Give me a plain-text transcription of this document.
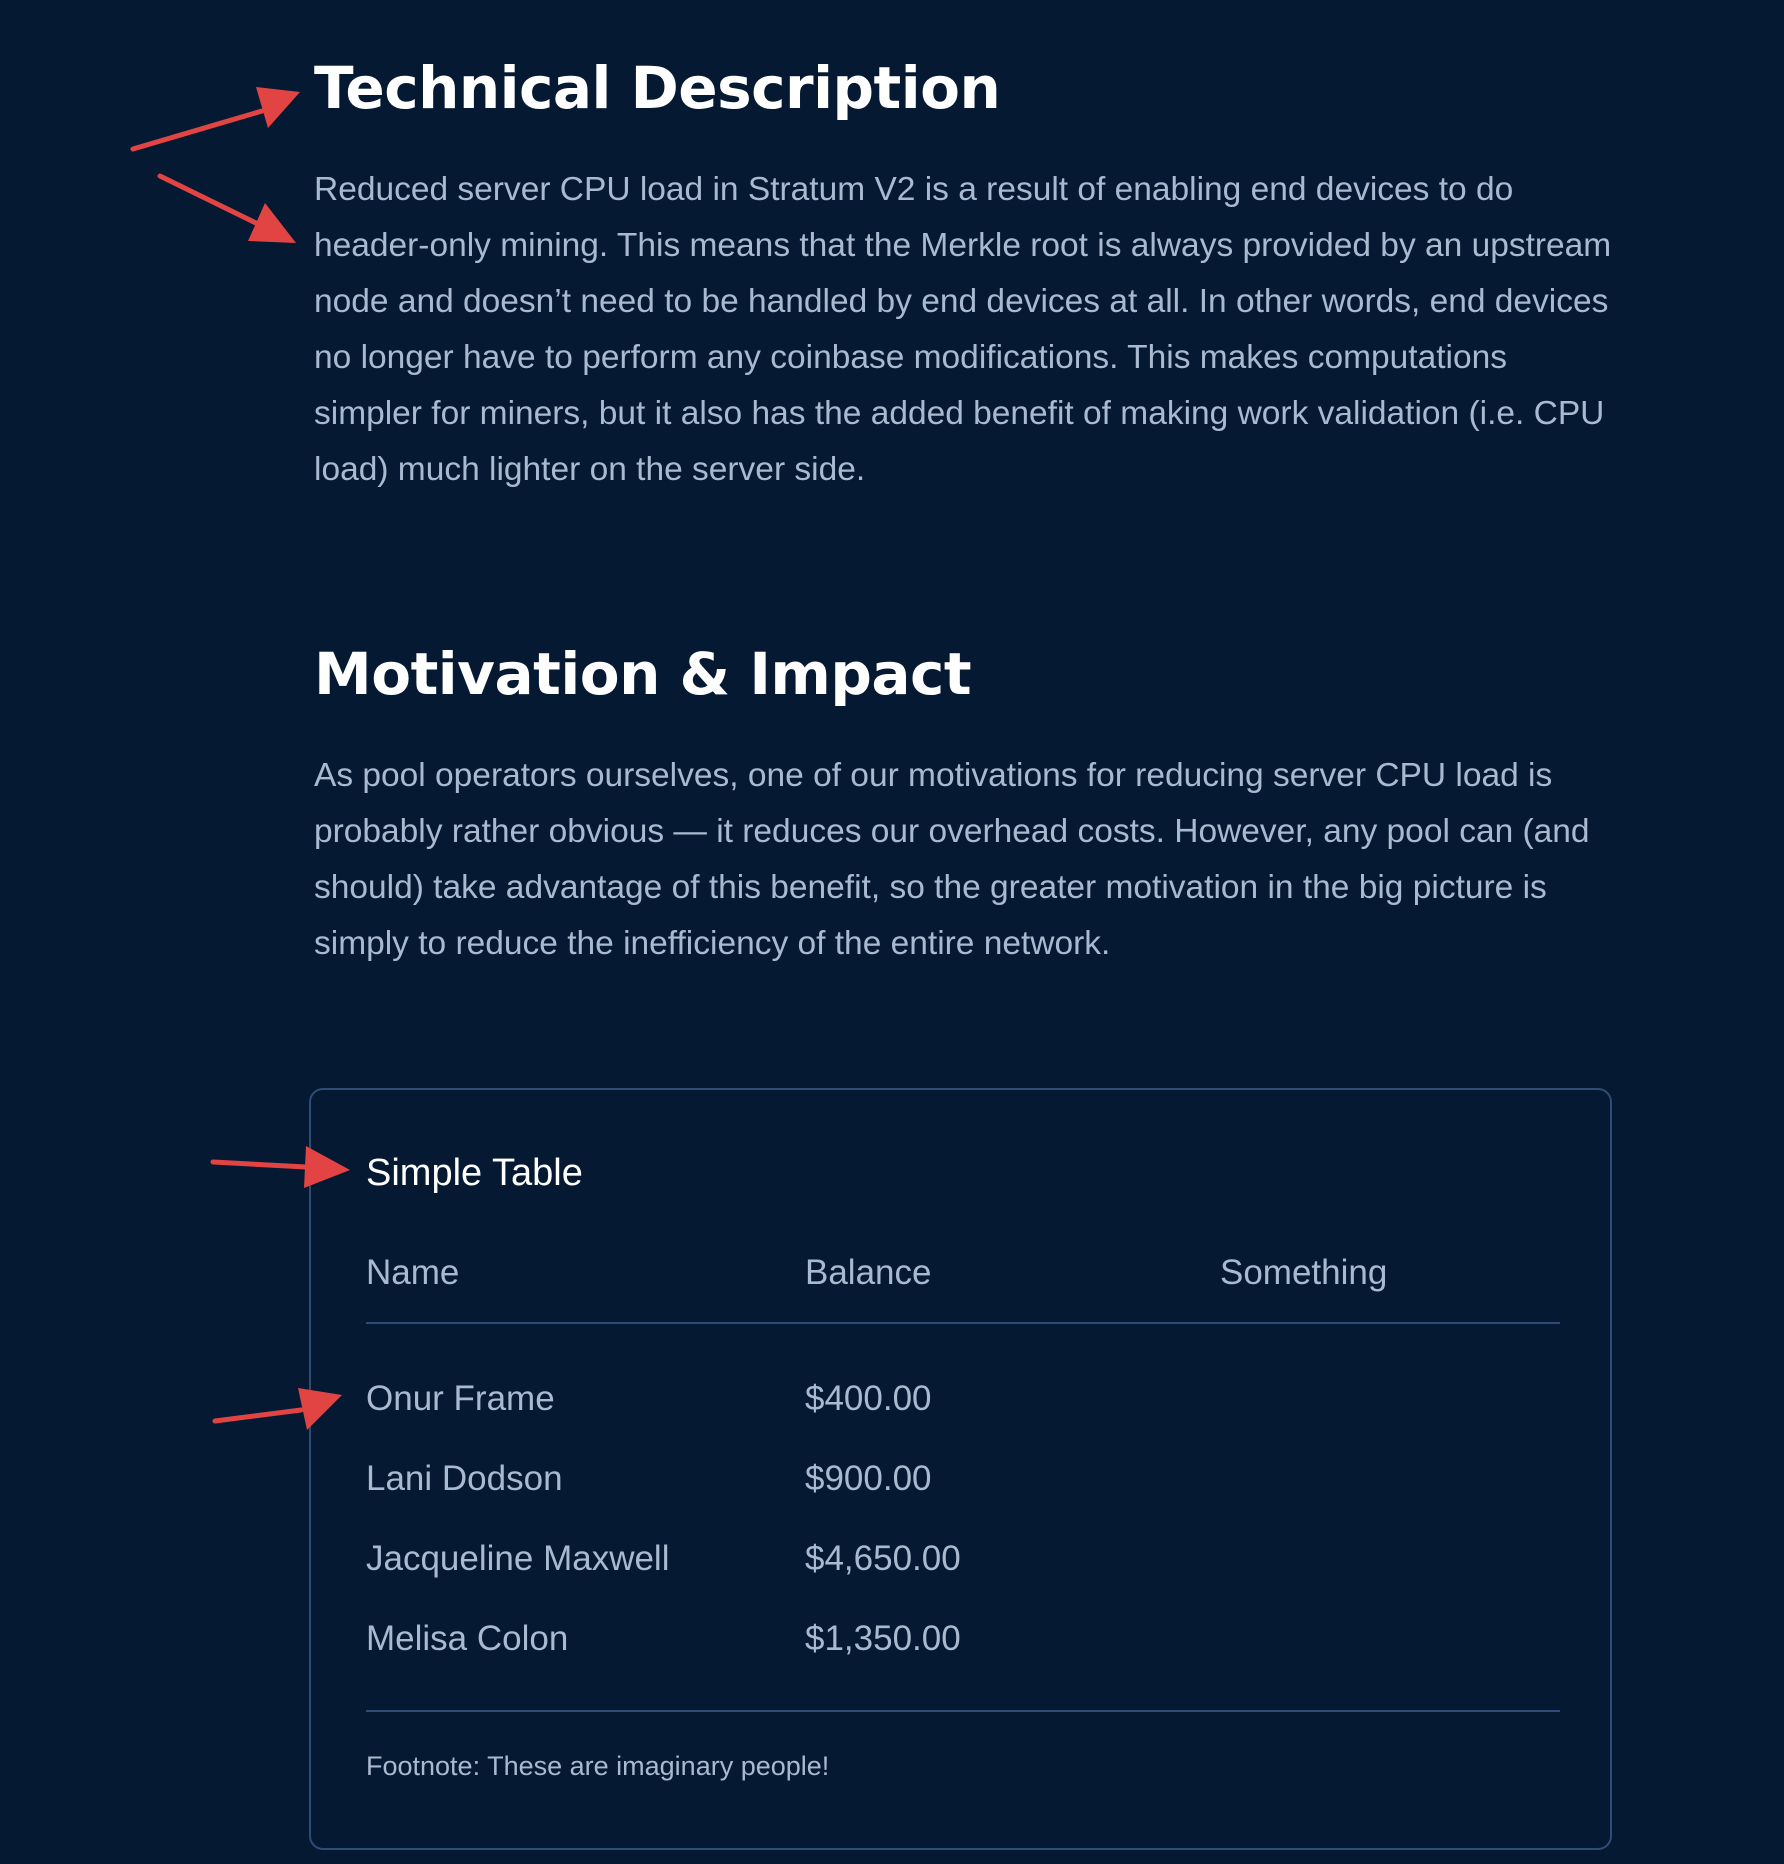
Technical Description

Reduced server CPU load in Stratum V2 is a result of enabling end devices to do header-only mining. This means that the Merkle root is always provided by an upstream node and doesn’t need to be handled by end devices at all. In other words, end devices no longer have to perform any coinbase modifications. This makes computations simpler for miners, but it also has the added benefit of making work validation (i.e. CPU load) much lighter on the server side.

Motivation & Impact

As pool operators ourselves, one of our motivations for reducing server CPU load is probably rather obvious — it reduces our overhead costs. However, any pool can (and should) take advantage of this benefit, so the greater motivation in the big picture is simply to reduce the inefficiency of the entire network.

Simple Table
Name	Balance	Something
Onur Frame	$400.00
Lani Dodson	$900.00
Jacqueline Maxwell	$4,650.00
Melisa Colon	$1,350.00
Footnote: These are imaginary people!
